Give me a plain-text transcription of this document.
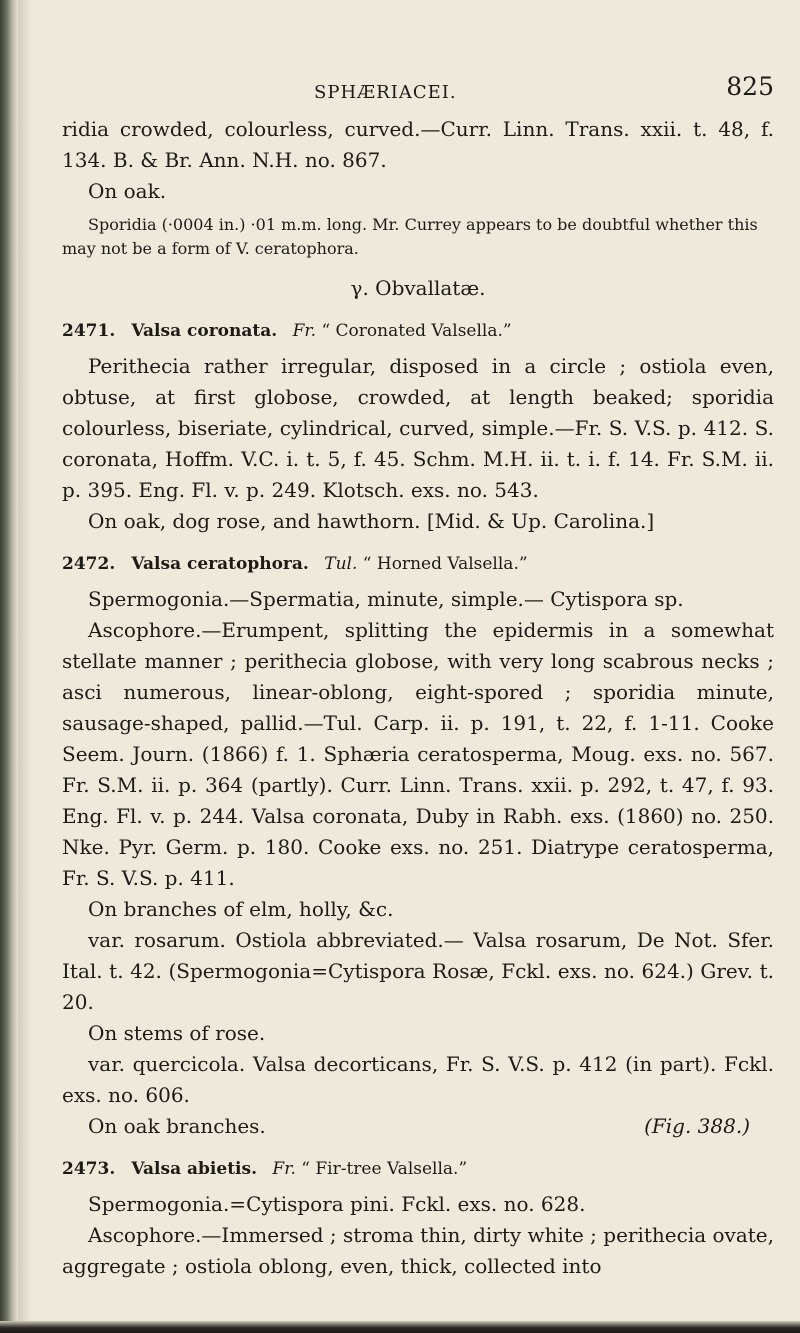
SPHÆRIACEI.	825

ridia crowded, colourless, curved.—Curr. Linn. Trans. xxii. t. 48, f. 134. B. & Br. Ann. N.H. no. 867.

On oak.

Sporidia (·0004 in.) ·01 m.m. long. Mr. Currey appears to be doubtful whether this may not be a form of V. ceratophora.

γ. Obvallatæ.

2471. Valsa coronata. Fr. “ Coronated Valsella.”

Perithecia rather irregular, disposed in a circle ; ostiola even, obtuse, at first globose, crowded, at length beaked; sporidia colourless, biseriate, cylindrical, curved, simple.—Fr. S. V.S. p. 412. S. coronata, Hoffm. V.C. i. t. 5, f. 45. Schm. M.H. ii. t. i. f. 14. Fr. S.M. ii. p. 395. Eng. Fl. v. p. 249. Klotsch. exs. no. 543.

On oak, dog rose, and hawthorn. [Mid. & Up. Carolina.]

2472. Valsa ceratophora. Tul. “ Horned Valsella.”

Spermogonia.—Spermatia, minute, simple.— Cytispora sp.

Ascophore.—Erumpent, splitting the epidermis in a somewhat stellate manner ; perithecia globose, with very long scabrous necks ; asci numerous, linear-oblong, eight-spored ; sporidia minute, sausage-shaped, pallid.—Tul. Carp. ii. p. 191, t. 22, f. 1-11. Cooke Seem. Journ. (1866) f. 1. Sphæria ceratosperma, Moug. exs. no. 567. Fr. S.M. ii. p. 364 (partly). Curr. Linn. Trans. xxii. p. 292, t. 47, f. 93. Eng. Fl. v. p. 244. Valsa coronata, Duby in Rabh. exs. (1860) no. 250. Nke. Pyr. Germ. p. 180. Cooke exs. no. 251. Diatrype ceratosperma, Fr. S. V.S. p. 411.

On branches of elm, holly, &c.

var. rosarum. Ostiola abbreviated.— Valsa rosarum, De Not. Sfer. Ital. t. 42. (Spermogonia=Cytispora Rosæ, Fckl. exs. no. 624.) Grev. t. 20.

On stems of rose.

var. quercicola. Valsa decorticans, Fr. S. V.S. p. 412 (in part). Fckl. exs. no. 606.

On oak branches.	(Fig. 388.)
2473. Valsa abietis. Fr. “ Fir-tree Valsella.”

Spermogonia.=Cytispora pini. Fckl. exs. no. 628.

Ascophore.—Immersed ; stroma thin, dirty white ; perithecia ovate, aggregate ; ostiola oblong, even, thick, collected into
